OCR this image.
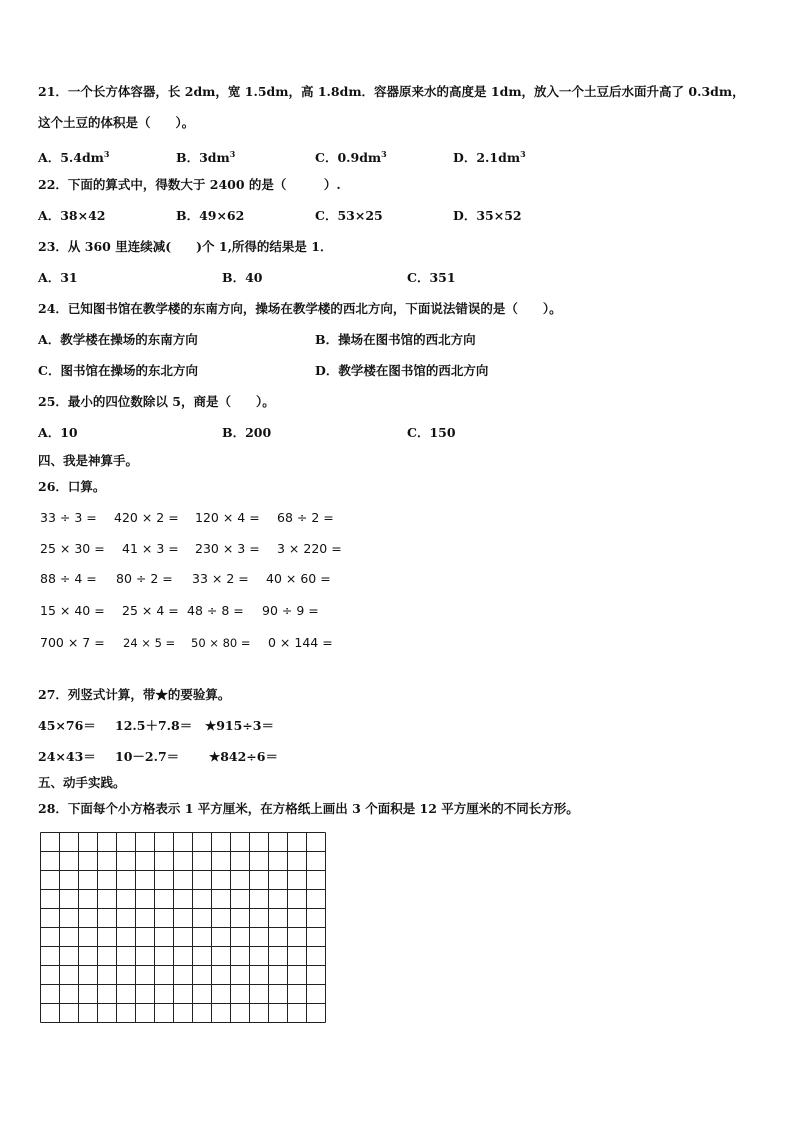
21．一个长方体容器，长 2dm，宽 1.5dm，高 1.8dm．容器原来水的高度是 1dm，放入一个土豆后水面升高了 0.3dm，
这个土豆的体积是（　　）。
A．$5.4dm^3$	B．$3dm^3$	C．$0.9dm^3$	D．$2.1dm^3$
22．下面的算式中，得数大于 2400 的是（　　　）.
A．38×42	B．49×62	C．53×25	D．35×52
23．从 360 里连续减(　　)个 1,所得的结果是 1．
A．31	B．40	C．351
24．已知图书馆在教学楼的东南方向，操场在教学楼的西北方向，下面说法错误的是（　　）。
A．教学楼在操场的东南方向	B．操场在图书馆的西北方向
C．图书馆在操场的东北方向	D．教学楼在图书馆的西北方向
25．最小的四位数除以 5，商是（　　）。
A．10	B．200	C．150
四、我是神算手。
26．口算。
33 ÷ 3 = 420 × 2 = 120 × 4 = 68 ÷ 2 =
25 × 30 = 41 × 3 = 230 × 3 = 3 × 220 =
88 ÷ 4 = 80 ÷ 2 = 33 × 2 = 40 × 60 =
15 × 40 = 25 × 4 = 48 ÷ 8 = 90 ÷ 9 =
700 × 7 = 24 × 5 = 50 × 80 = 0 × 144 =
27．列竖式计算，带★的要验算。
45×76＝ 12.5＋7.8＝ ★915÷3＝
24×43＝ 10－2.7＝ ★842÷6＝
五、动手实践。
28．下面每个小方格表示 1 平方厘米，在方格纸上画出 3 个面积是 12 平方厘米的不同长方形。
